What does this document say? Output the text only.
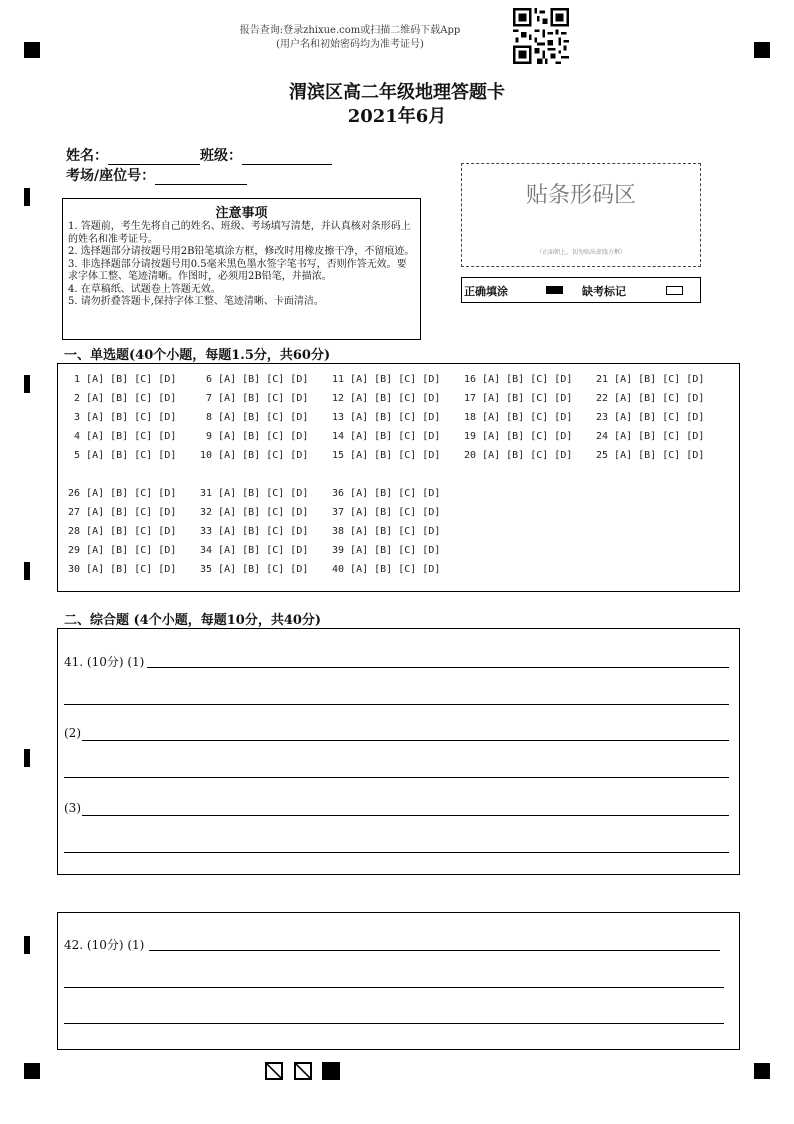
报告查询:登录zhixue.com或扫描二维码下载App
(用户名和初始密码均为准考证号)
渭滨区高二年级地理答题卡
2021年6月
姓名：	班级：
考场/座位号：
注意事项
1. 答题前，考生先将自己的姓名、班级、考场填写清楚，并认真核对条形码上的姓名和准考证号。
2. 选择题部分请按题号用2B铅笔填涂方框，修改时用橡皮擦干净，不留痕迹。
3. 非选择题部分请按题号用0.5毫米黑色墨水签字笔书写，否则作答无效。要求字体工整、笔迹清晰。作图时，必须用2B铅笔，并描浓。
4. 在草稿纸、试题卷上答题无效。
5. 请勿折叠答题卡,保持字体工整、笔迹清晰、卡面清洁。
贴条形码区
（正面朝上，切勿贴出虚线方框）
正确填涂	缺考标记
一、单选题(40个小题，每题1.5分，共60分)
1 [A] [B] [C] [D]
2 [A] [B] [C] [D]
3 [A] [B] [C] [D]
4 [A] [B] [C] [D]
5 [A] [B] [C] [D]
6 [A] [B] [C] [D]
7 [A] [B] [C] [D]
8 [A] [B] [C] [D]
9 [A] [B] [C] [D]
10 [A] [B] [C] [D]
11 [A] [B] [C] [D]
12 [A] [B] [C] [D]
13 [A] [B] [C] [D]
14 [A] [B] [C] [D]
15 [A] [B] [C] [D]
16 [A] [B] [C] [D]
17 [A] [B] [C] [D]
18 [A] [B] [C] [D]
19 [A] [B] [C] [D]
20 [A] [B] [C] [D]
21 [A] [B] [C] [D]
22 [A] [B] [C] [D]
23 [A] [B] [C] [D]
24 [A] [B] [C] [D]
25 [A] [B] [C] [D]
26 [A] [B] [C] [D]
27 [A] [B] [C] [D]
28 [A] [B] [C] [D]
29 [A] [B] [C] [D]
30 [A] [B] [C] [D]
31 [A] [B] [C] [D]
32 [A] [B] [C] [D]
33 [A] [B] [C] [D]
34 [A] [B] [C] [D]
35 [A] [B] [C] [D]
36 [A] [B] [C] [D]
37 [A] [B] [C] [D]
38 [A] [B] [C] [D]
39 [A] [B] [C] [D]
40 [A] [B] [C] [D]
二、综合题 (4个小题，每题10分，共40分)
41. (10分) (1)
(2)
(3)
42. (10分) (1)
